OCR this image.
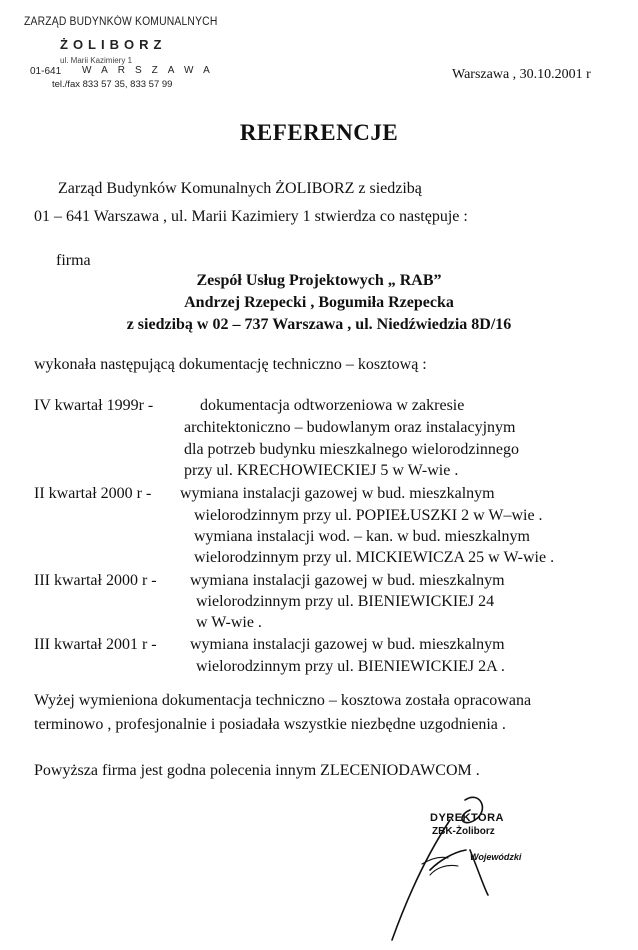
ZARZĄD BUDYNKÓW KOMUNALNYCH
ŻOLIBORZ
ul. Marii Kazimiery 1
01-641 WARSZAWA
tel./fax 833 57 35, 833 57 99
Warszawa , 30.10.2001 r
REFERENCJE
Zarząd Budynków Komunalnych ŻOLIBORZ z siedzibą
01 – 641 Warszawa , ul. Marii Kazimiery 1 stwierdza co następuje :
firma
Zespół Usług Projektowych „ RAB”
Andrzej Rzepecki , Bogumiła Rzepecka
z siedzibą w 02 – 737 Warszawa , ul. Niedźwiedzia 8D/16
wykonała następującą dokumentację techniczno – kosztową :
IV kwartał 1999r -	dokumentacja odtworzeniowa w zakresie
architektoniczno – budowlanym oraz instalacyjnym
dla potrzeb budynku mieszkalnego wielorodzinnego
przy ul. KRECHOWIECKIEJ 5 w W-wie .
II kwartał 2000 r - wymiana instalacji gazowej w bud. mieszkalnym
wielorodzinnym przy ul. POPIEŁUSZKI 2 w W–wie .
wymiana instalacji wod. – kan. w bud. mieszkalnym
wielorodzinnym przy ul. MICKIEWICZA 25 w W-wie .
III kwartał 2000 r - wymiana instalacji gazowej w bud. mieszkalnym
wielorodzinnym przy ul. BIENIEWICKIEJ 24
w W-wie .
III kwartał 2001 r - wymiana instalacji gazowej w bud. mieszkalnym
wielorodzinnym przy ul. BIENIEWICKIEJ 2A .
Wyżej wymieniona dokumentacja techniczno – kosztowa została opracowana
terminowo , profesjonalnie i posiadała wszystkie niezbędne uzgodnienia .
Powyższa firma jest godna polecenia innym ZLECENIODAWCOM .
DYREKTORA
ZBK-Żoliborz
Wojewódzki
